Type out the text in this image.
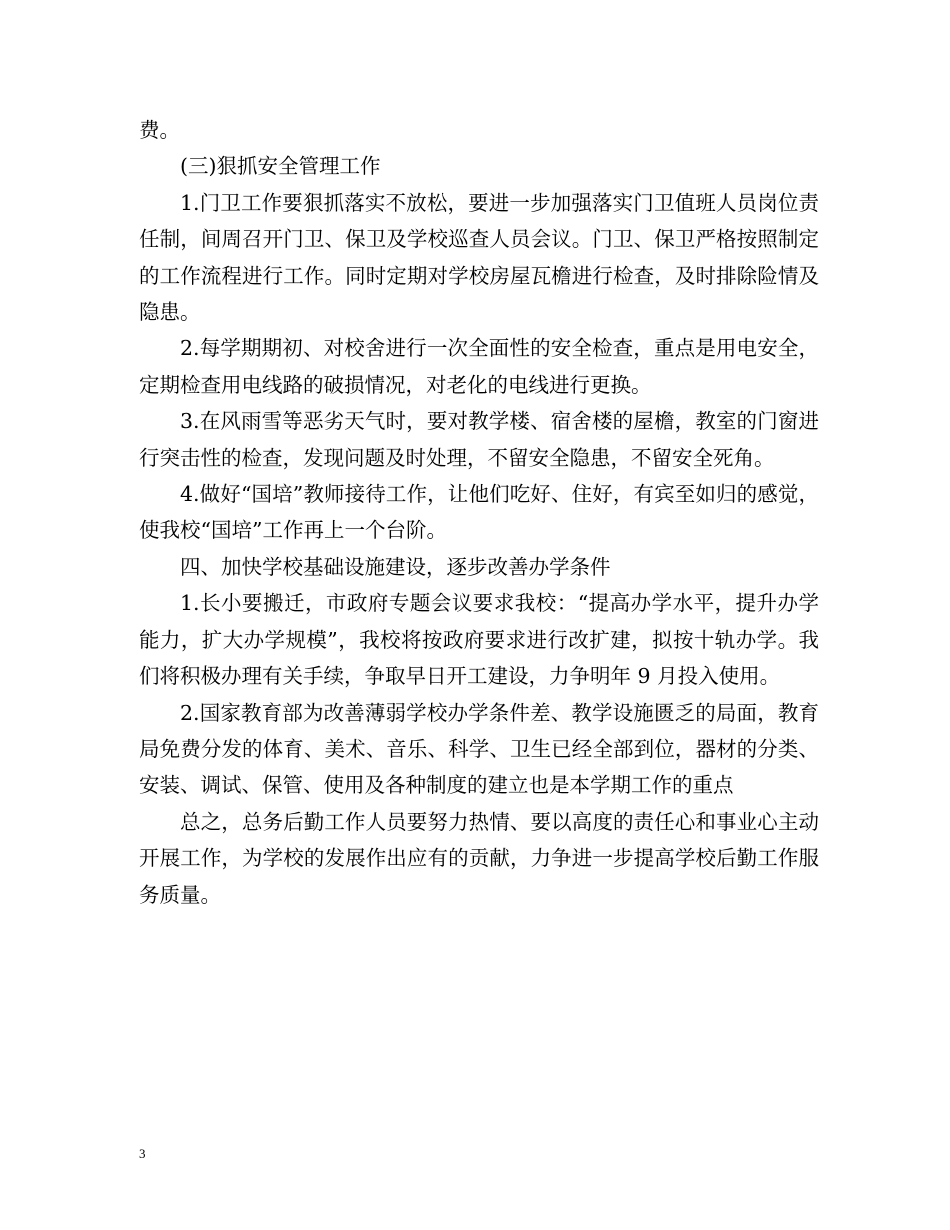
费。

(三)狠抓安全管理工作

1.门卫工作要狠抓落实不放松，要进一步加强落实门卫值班人员岗位责任制，间周召开门卫、保卫及学校巡查人员会议。门卫、保卫严格按照制定的工作流程进行工作。同时定期对学校房屋瓦檐进行检查，及时排除险情及隐患。

2.每学期期初、对校舍进行一次全面性的安全检查，重点是用电安全，定期检查用电线路的破损情况，对老化的电线进行更换。

3.在风雨雪等恶劣天气时，要对教学楼、宿舍楼的屋檐，教室的门窗进行突击性的检查，发现问题及时处理，不留安全隐患，不留安全死角。

4.做好“国培”教师接待工作，让他们吃好、住好，有宾至如归的感觉，使我校“国培”工作再上一个台阶。

四、加快学校基础设施建设，逐步改善办学条件

1.长小要搬迁，市政府专题会议要求我校：“提高办学水平，提升办学能力，扩大办学规模”，我校将按政府要求进行改扩建，拟按十轨办学。我们将积极办理有关手续，争取早日开工建设，力争明年 9 月投入使用。

2.国家教育部为改善薄弱学校办学条件差、教学设施匮乏的局面，教育局免费分发的体育、美术、音乐、科学、卫生已经全部到位，器材的分类、安装、调试、保管、使用及各种制度的建立也是本学期工作的重点

总之，总务后勤工作人员要努力热情、要以高度的责任心和事业心主动开展工作，为学校的发展作出应有的贡献，力争进一步提高学校后勤工作服务质量。

3
